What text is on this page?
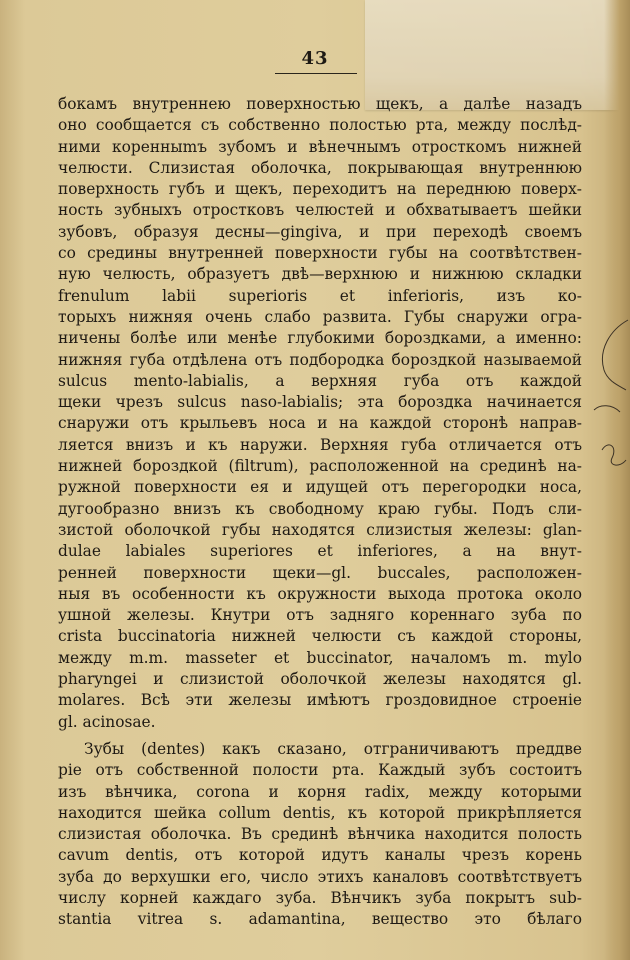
43
бокамъ внутреннею поверхностью щекъ, а далѣе назадъ
оно сообщается съ собственно полостью рта, между послѣд-
ними коренныmъ зубомъ и вѣнечнымъ отросткомъ нижней
челюсти. Слизистая оболочка, покрывающая внутреннюю
поверхность губъ и щекъ, переходитъ на переднюю поверх-
ность зубныхъ отростковъ челюстей и обхватываетъ шейки
зубовъ, образуя десны—gingiva, и при переходѣ своемъ
со средины внутренней поверхности губы на соотвѣтствен-
ную челюсть, образуетъ двѣ—верхнюю и нижнюю складки
frenulum labii superioris et inferioris, изъ ко-
торыхъ нижняя очень слабо развита. Губы снаружи огра-
ничены болѣе или менѣе глубокими бороздками, а именно:
нижняя губа отдѣлена отъ подбородка бороздкой называемой
sulcus mento-labialis, а верхняя губа отъ каждой
щеки чрезъ sulcus naso-labialis; эта бороздка начинается
снаружи отъ крыльевъ носа и на каждой сторонѣ направ-
ляется внизъ и къ наружи. Верхняя губа отличается отъ
нижней бороздкой (filtrum), расположенной на срединѣ на-
ружной поверхности ея и идущей отъ перегородки носа,
дугообразно внизъ къ свободному краю губы. Подъ сли-
зистой оболочкой губы находятся слизистыя железы: glan-
dulae labiales superiores et inferiores, а на внут-
ренней поверхности щеки—gl. buccales, расположен-
ныя въ особенности къ окружности выхода протока около
ушной железы. Кнутри отъ задняго кореннаго зуба по
crista buccinatoria нижней челюсти съ каждой стороны,
между m.m. masseter et buccinator, началомъ m. mylo
pharyngei и слизистой оболочкой железы находятся gl.
molares. Всѣ эти железы имѣютъ гроздовидное строеніе
gl. acinosae.
Зубы (dentes) какъ сказано, отграничиваютъ преддве
ріе отъ собственной полости рта. Каждый зубъ состоитъ
изъ вѣнчика, corona и корня radix, между которыми
находится шейка collum dentis, къ которой прикрѣпляется
слизистая оболочка. Въ срединѣ вѣнчика находится полость
cavum dentis, отъ которой идутъ каналы чрезъ корень
зуба до верхушки его, число этихъ каналовъ соотвѣтствуетъ
числу корней каждаго зуба. Вѣнчикъ зуба покрытъ sub-
stantia vitrea s. adamantina, вещество это бѣлаго
